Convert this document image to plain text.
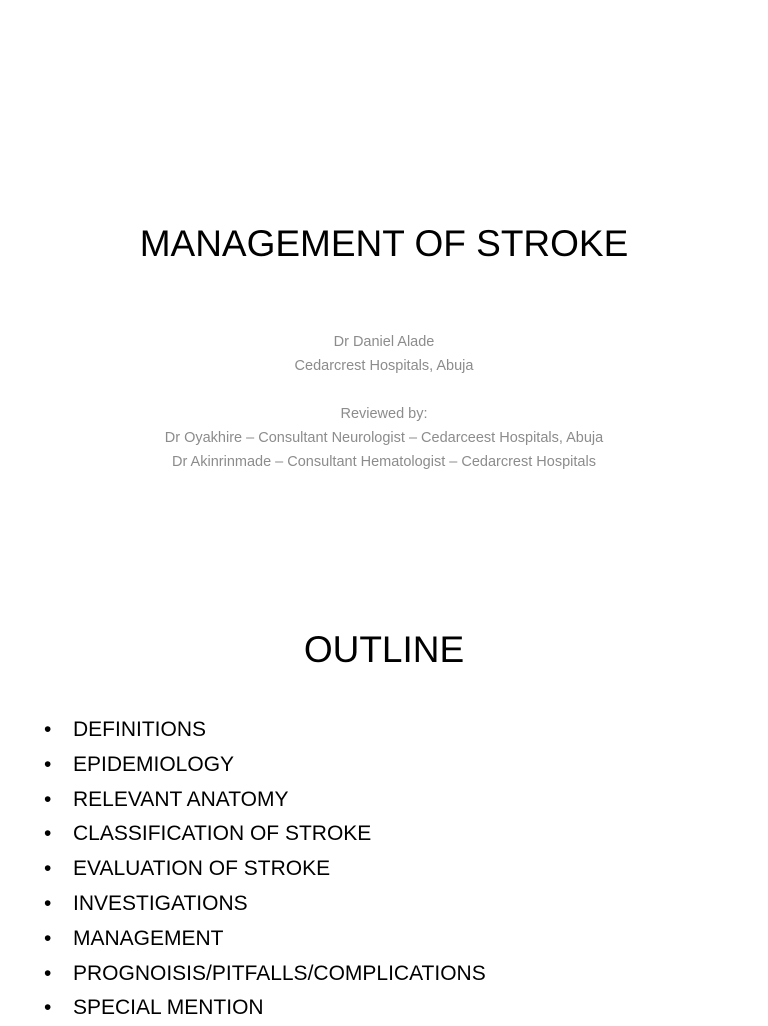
MANAGEMENT OF STROKE
Dr Daniel Alade
Cedarcrest Hospitals, Abuja
Reviewed by:
Dr Oyakhire – Consultant Neurologist – Cedarceest Hospitals, Abuja
Dr Akinrinmade – Consultant Hematologist – Cedarcrest Hospitals
OUTLINE
• DEFINITIONS
• EPIDEMIOLOGY
• RELEVANT ANATOMY
• CLASSIFICATION OF STROKE
• EVALUATION OF STROKE
• INVESTIGATIONS
• MANAGEMENT
• PROGNOISIS/PITFALLS/COMPLICATIONS
• SPECIAL MENTION
